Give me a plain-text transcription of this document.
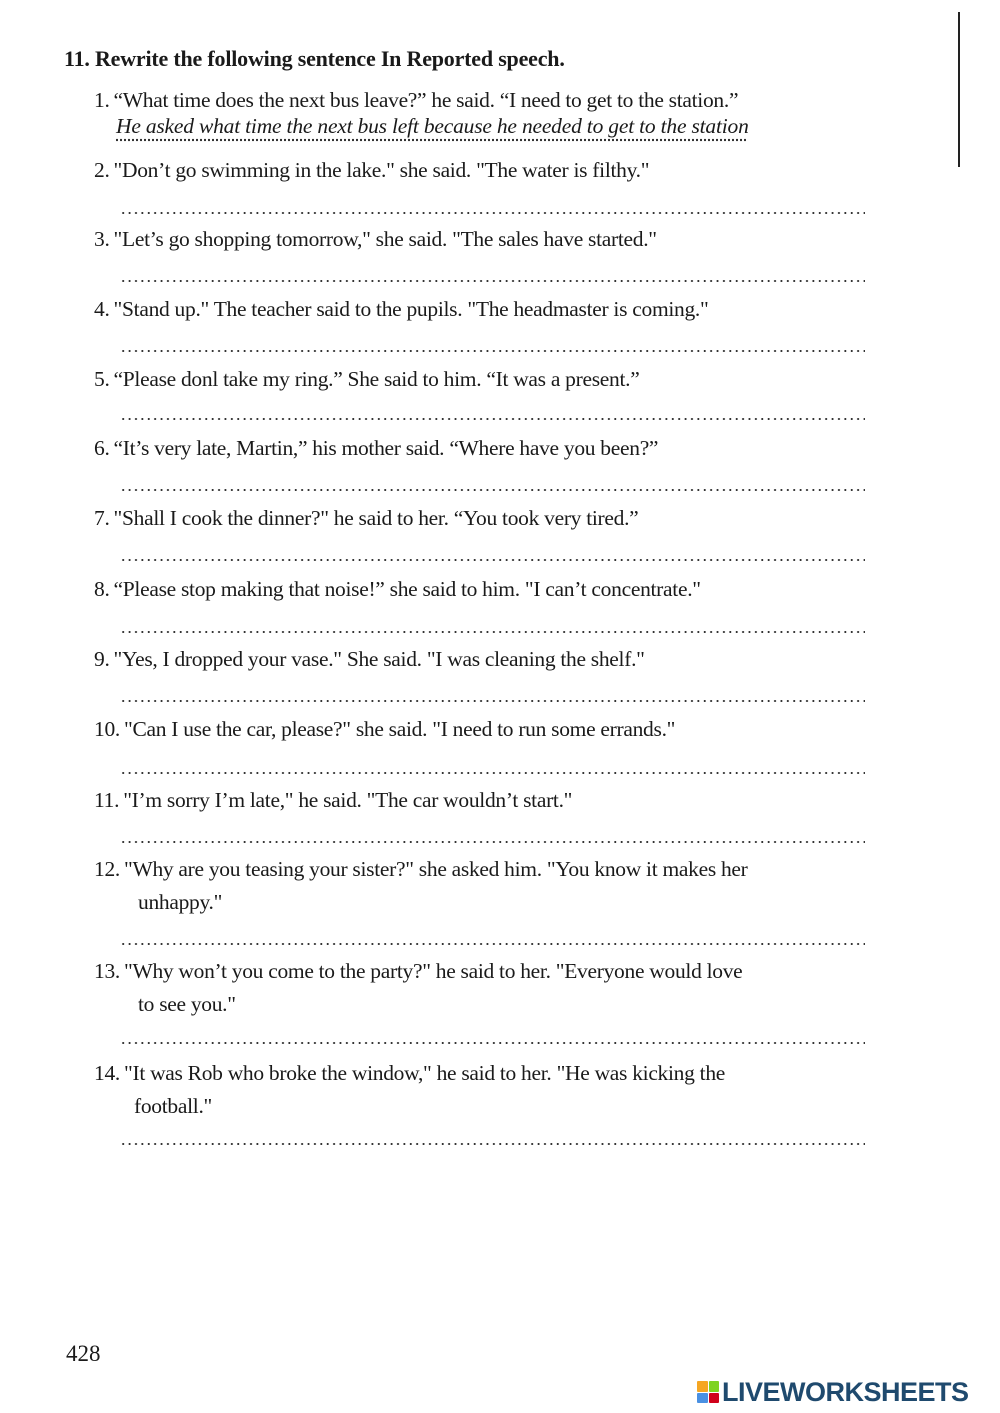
11. Rewrite the following sentence In Reported speech.
1. “What time does the next bus leave?” he said. “I need to get to the station.”
He asked what time the next bus left because he needed to get to the station
2. "Don’t go swimming in the lake." she said. "The water is filthy."
3. "Let’s go shopping tomorrow," she said. "The sales have started."
4. "Stand up." The teacher said to the pupils. "The headmaster is coming."
5. “Please donl take my ring.” She said to him. “It was a present.”
6. “It’s very late, Martin,” his mother said. “Where have you been?”
7. "Shall I cook the dinner?" he said to her. “You took very tired.”
8. “Please stop making that noise!” she said to him. "I can’t concentrate."
9. "Yes, I dropped your vase." She said. "I was cleaning the shelf."
10. "Can I use the car, please?" she said. "I need to run some errands."
11. "I’m sorry I’m late," he said. "The car wouldn’t start."
12. "Why are you teasing your sister?" she asked him. "You know it makes her
unhappy."
13. "Why won’t you come to the party?" he said to her. "Everyone would love
to see you."
14. "It was Rob who broke the window," he said to her. "He was kicking the
football."
428
LIVEWORKSHEETS
